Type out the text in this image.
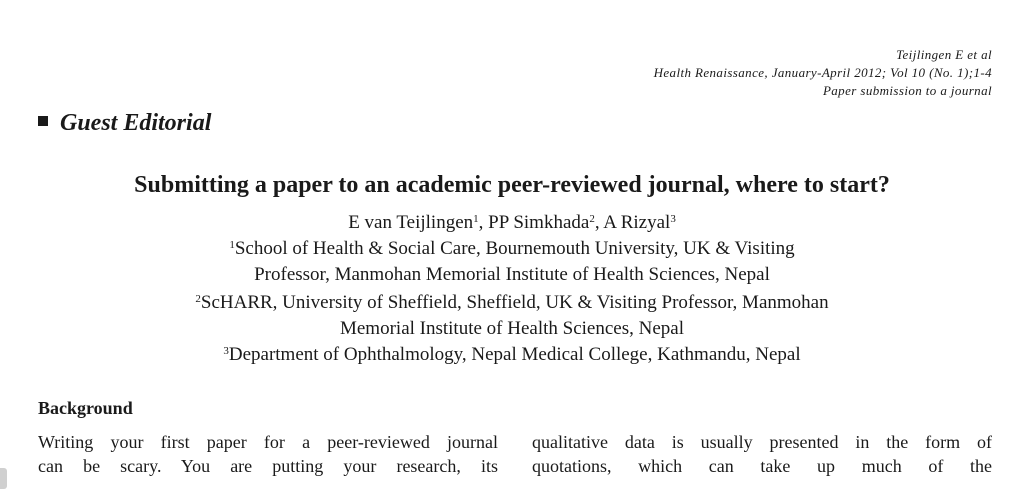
Teijlingen E et al
Health Renaissance, January-April 2012; Vol 10 (No. 1);1-4
Paper submission to a journal
Guest Editorial
Submitting a paper to an academic peer-reviewed journal, where to start?
E van Teijlingen$^1$, PP Simkhada$^2$, A Rizyal$^3$
$^1$School of Health & Social Care, Bournemouth University, UK & Visiting
Professor, Manmohan Memorial Institute of Health Sciences, Nepal
$^2$ScHARR, University of Sheffield, Sheffield, UK & Visiting Professor, Manmohan
Memorial Institute of Health Sciences, Nepal
$^3$Department of Ophthalmology, Nepal Medical College, Kathmandu, Nepal
Background
Writing your first paper for a peer-reviewed journal
can be scary. You are putting your research, its
qualitative data is usually presented in the form of
quotations, which can take up much of the
